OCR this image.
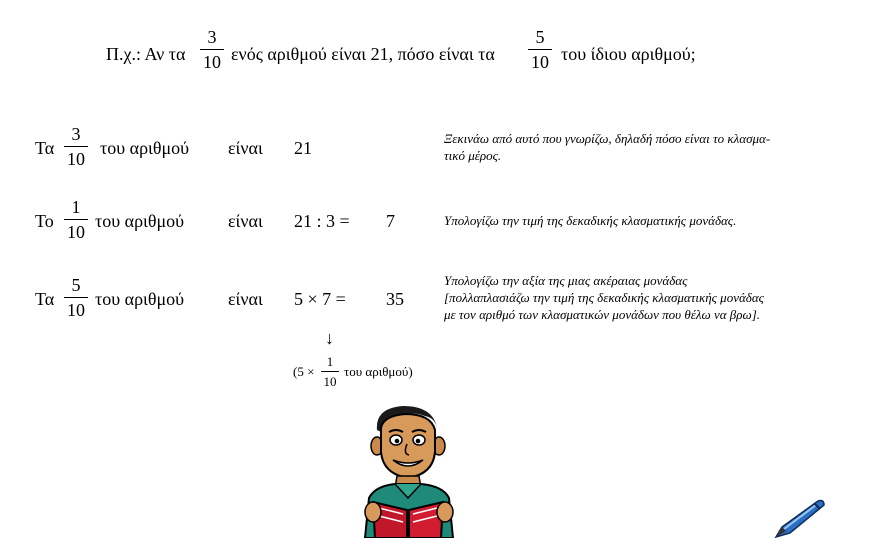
Π.χ.: Αν τα
3
10 ενός αριθμού είναι 21, πόσο είναι τα
5
10 του ίδιου αριθμού;
Τα
3
10
του αριθμού είναι 21	Ξεκινάω από αυτό που γνωρίζω, δηλαδή πόσο είναι το κλασμα-
τικό μέρος.
Το
1
10
του αριθμού είναι 21 : 3 = 7	Υπολογίζω την τιμή της δεκαδικής κλασματικής μονάδας.
Τα
5
10
του αριθμού είναι 5 × 7 = 35
Υπολογίζω την αξία της μιας ακέραιας μονάδας
[πολλαπλασιάζω την τιμή της δεκαδικής κλασματικής μονάδας
με τον αριθμό των κλασματικών μονάδων που θέλω να βρω].
↓
(5 ×
1
10
του αριθμού)
